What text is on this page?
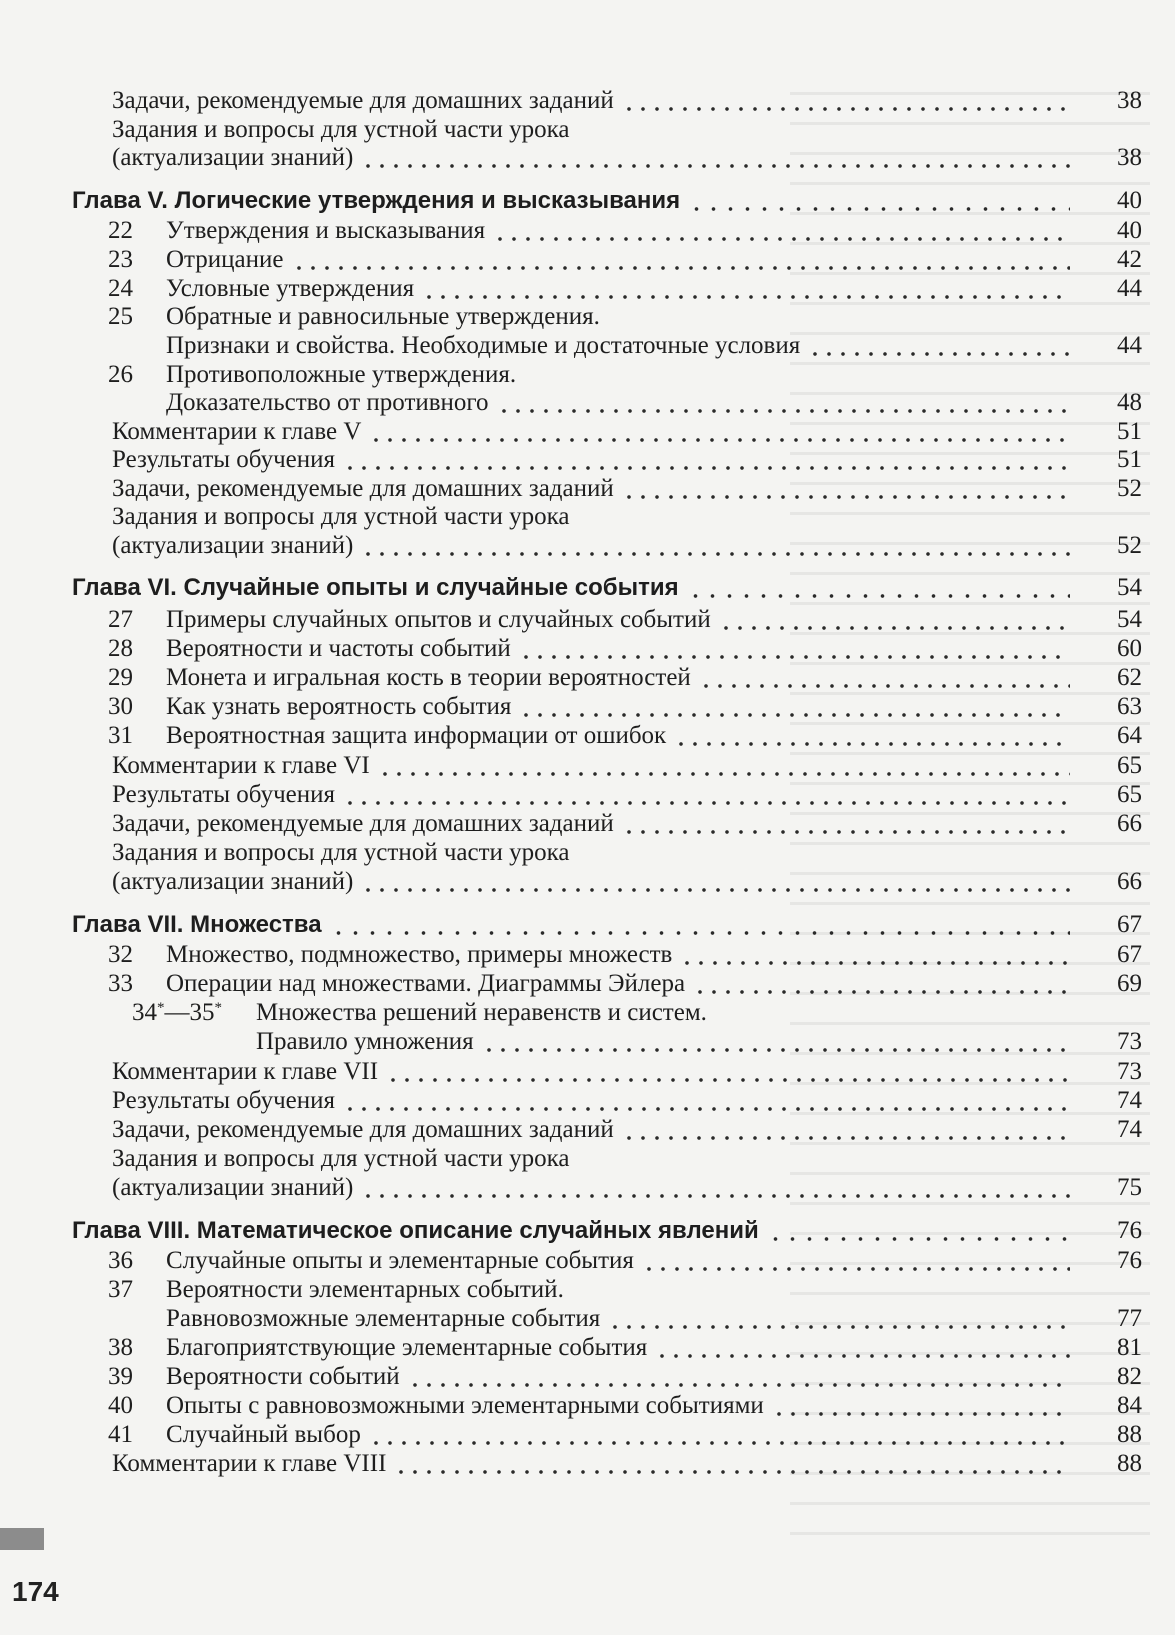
Задачи, рекомендуемые для домашних заданий	38
Задания и вопросы для устной части урока
(актуализации знаний)	38
Глава V. Логические утверждения и высказывания	40
22 Утверждения и высказывания	40
23 Отрицание	42
24 Условные утверждения	44
25 Обратные и равносильные утверждения.
Признаки и свойства. Необходимые и достаточные условия	44
26 Противоположные утверждения.
Доказательство от противного	48
Комментарии к главе V	51
Результаты обучения	51
Задачи, рекомендуемые для домашних заданий	52
Задания и вопросы для устной части урока
(актуализации знаний)	52
Глава VI. Случайные опыты и случайные события	54
27 Примеры случайных опытов и случайных событий	54
28 Вероятности и частоты событий	60
29 Монета и игральная кость в теории вероятностей	62
30 Как узнать вероятность события	63
31 Вероятностная защита информации от ошибок	64
Комментарии к главе VI	65
Результаты обучения	65
Задачи, рекомендуемые для домашних заданий	66
Задания и вопросы для устной части урока
(актуализации знаний)	66
Глава VII. Множества	67
32 Множество, подмножество, примеры множеств	67
33 Операции над множествами. Диаграммы Эйлера	69
34*—35* Множества решений неравенств и систем.
Правило умножения	73
Комментарии к главе VII	73
Результаты обучения	74
Задачи, рекомендуемые для домашних заданий	74
Задания и вопросы для устной части урока
(актуализации знаний)	75
Глава VIII. Математическое описание случайных явлений	76
36 Случайные опыты и элементарные события	76
37 Вероятности элементарных событий.
Равновозможные элементарные события	77
38 Благоприятствующие элементарные события	81
39 Вероятности событий	82
40 Опыты с равновозможными элементарными событиями	84
41 Случайный выбор	88
Комментарии к главе VIII	88
174
